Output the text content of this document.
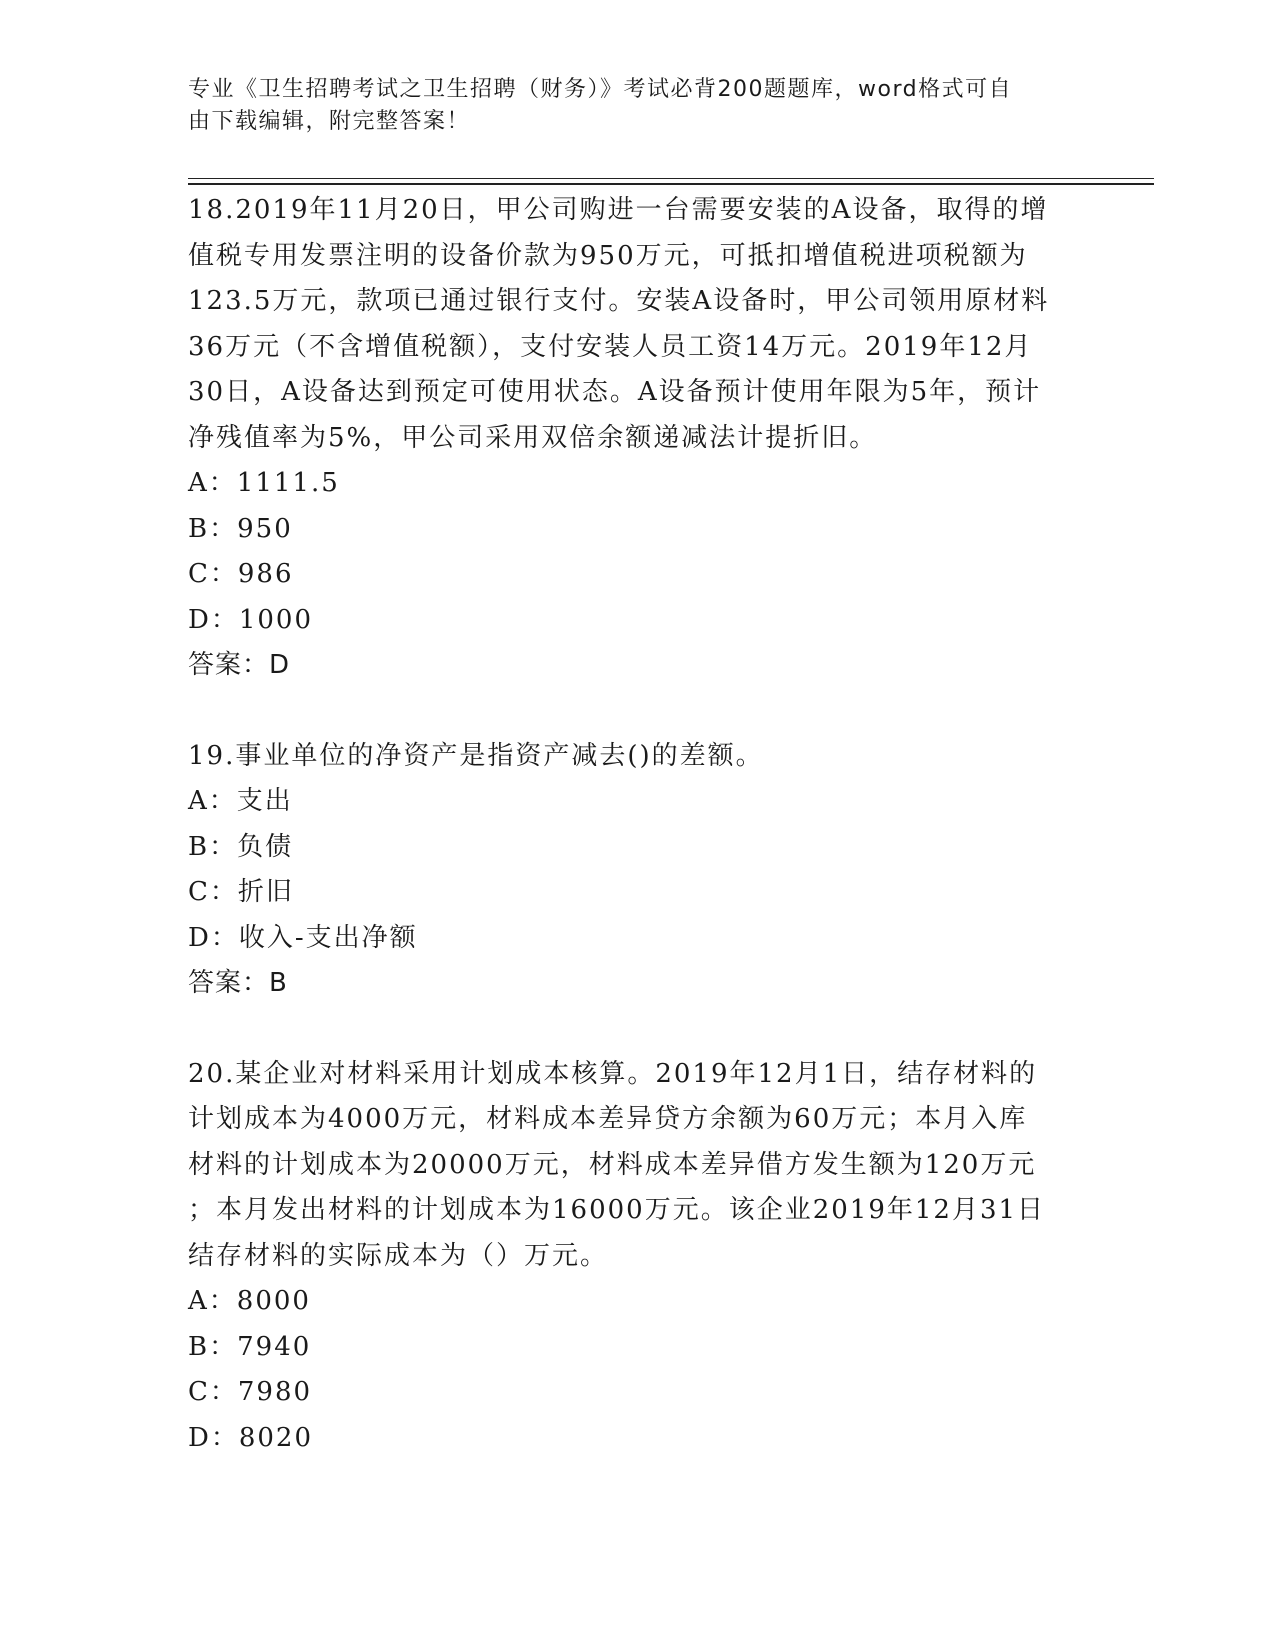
专业《卫生招聘考试之卫生招聘（财务）》考试必背200题题库，word格式可自
由下载编辑，附完整答案！

18.2019年11月20日，甲公司购进一台需要安装的A设备，取得的增

值税专用发票注明的设备价款为950万元，可抵扣增值税进项税额为

123.5万元，款项已通过银行支付。安装A设备时，甲公司领用原材料

36万元（不含增值税额），支付安装人员工资14万元。2019年12月

30日，A设备达到预定可使用状态。A设备预计使用年限为5年，预计

净残值率为5%，甲公司采用双倍余额递减法计提折旧。

A：1111.5

B：950

C：986

D：1000

答案：D

19.事业单位的净资产是指资产减去()的差额。

A：支出

B：负债

C：折旧

D：收入-支出净额

答案：B

20.某企业对材料采用计划成本核算。2019年12月1日，结存材料的

计划成本为4000万元，材料成本差异贷方余额为60万元；本月入库

材料的计划成本为20000万元，材料成本差异借方发生额为120万元

；本月发出材料的计划成本为16000万元。该企业2019年12月31日

结存材料的实际成本为（）万元。

A：8000

B：7940

C：7980

D：8020
